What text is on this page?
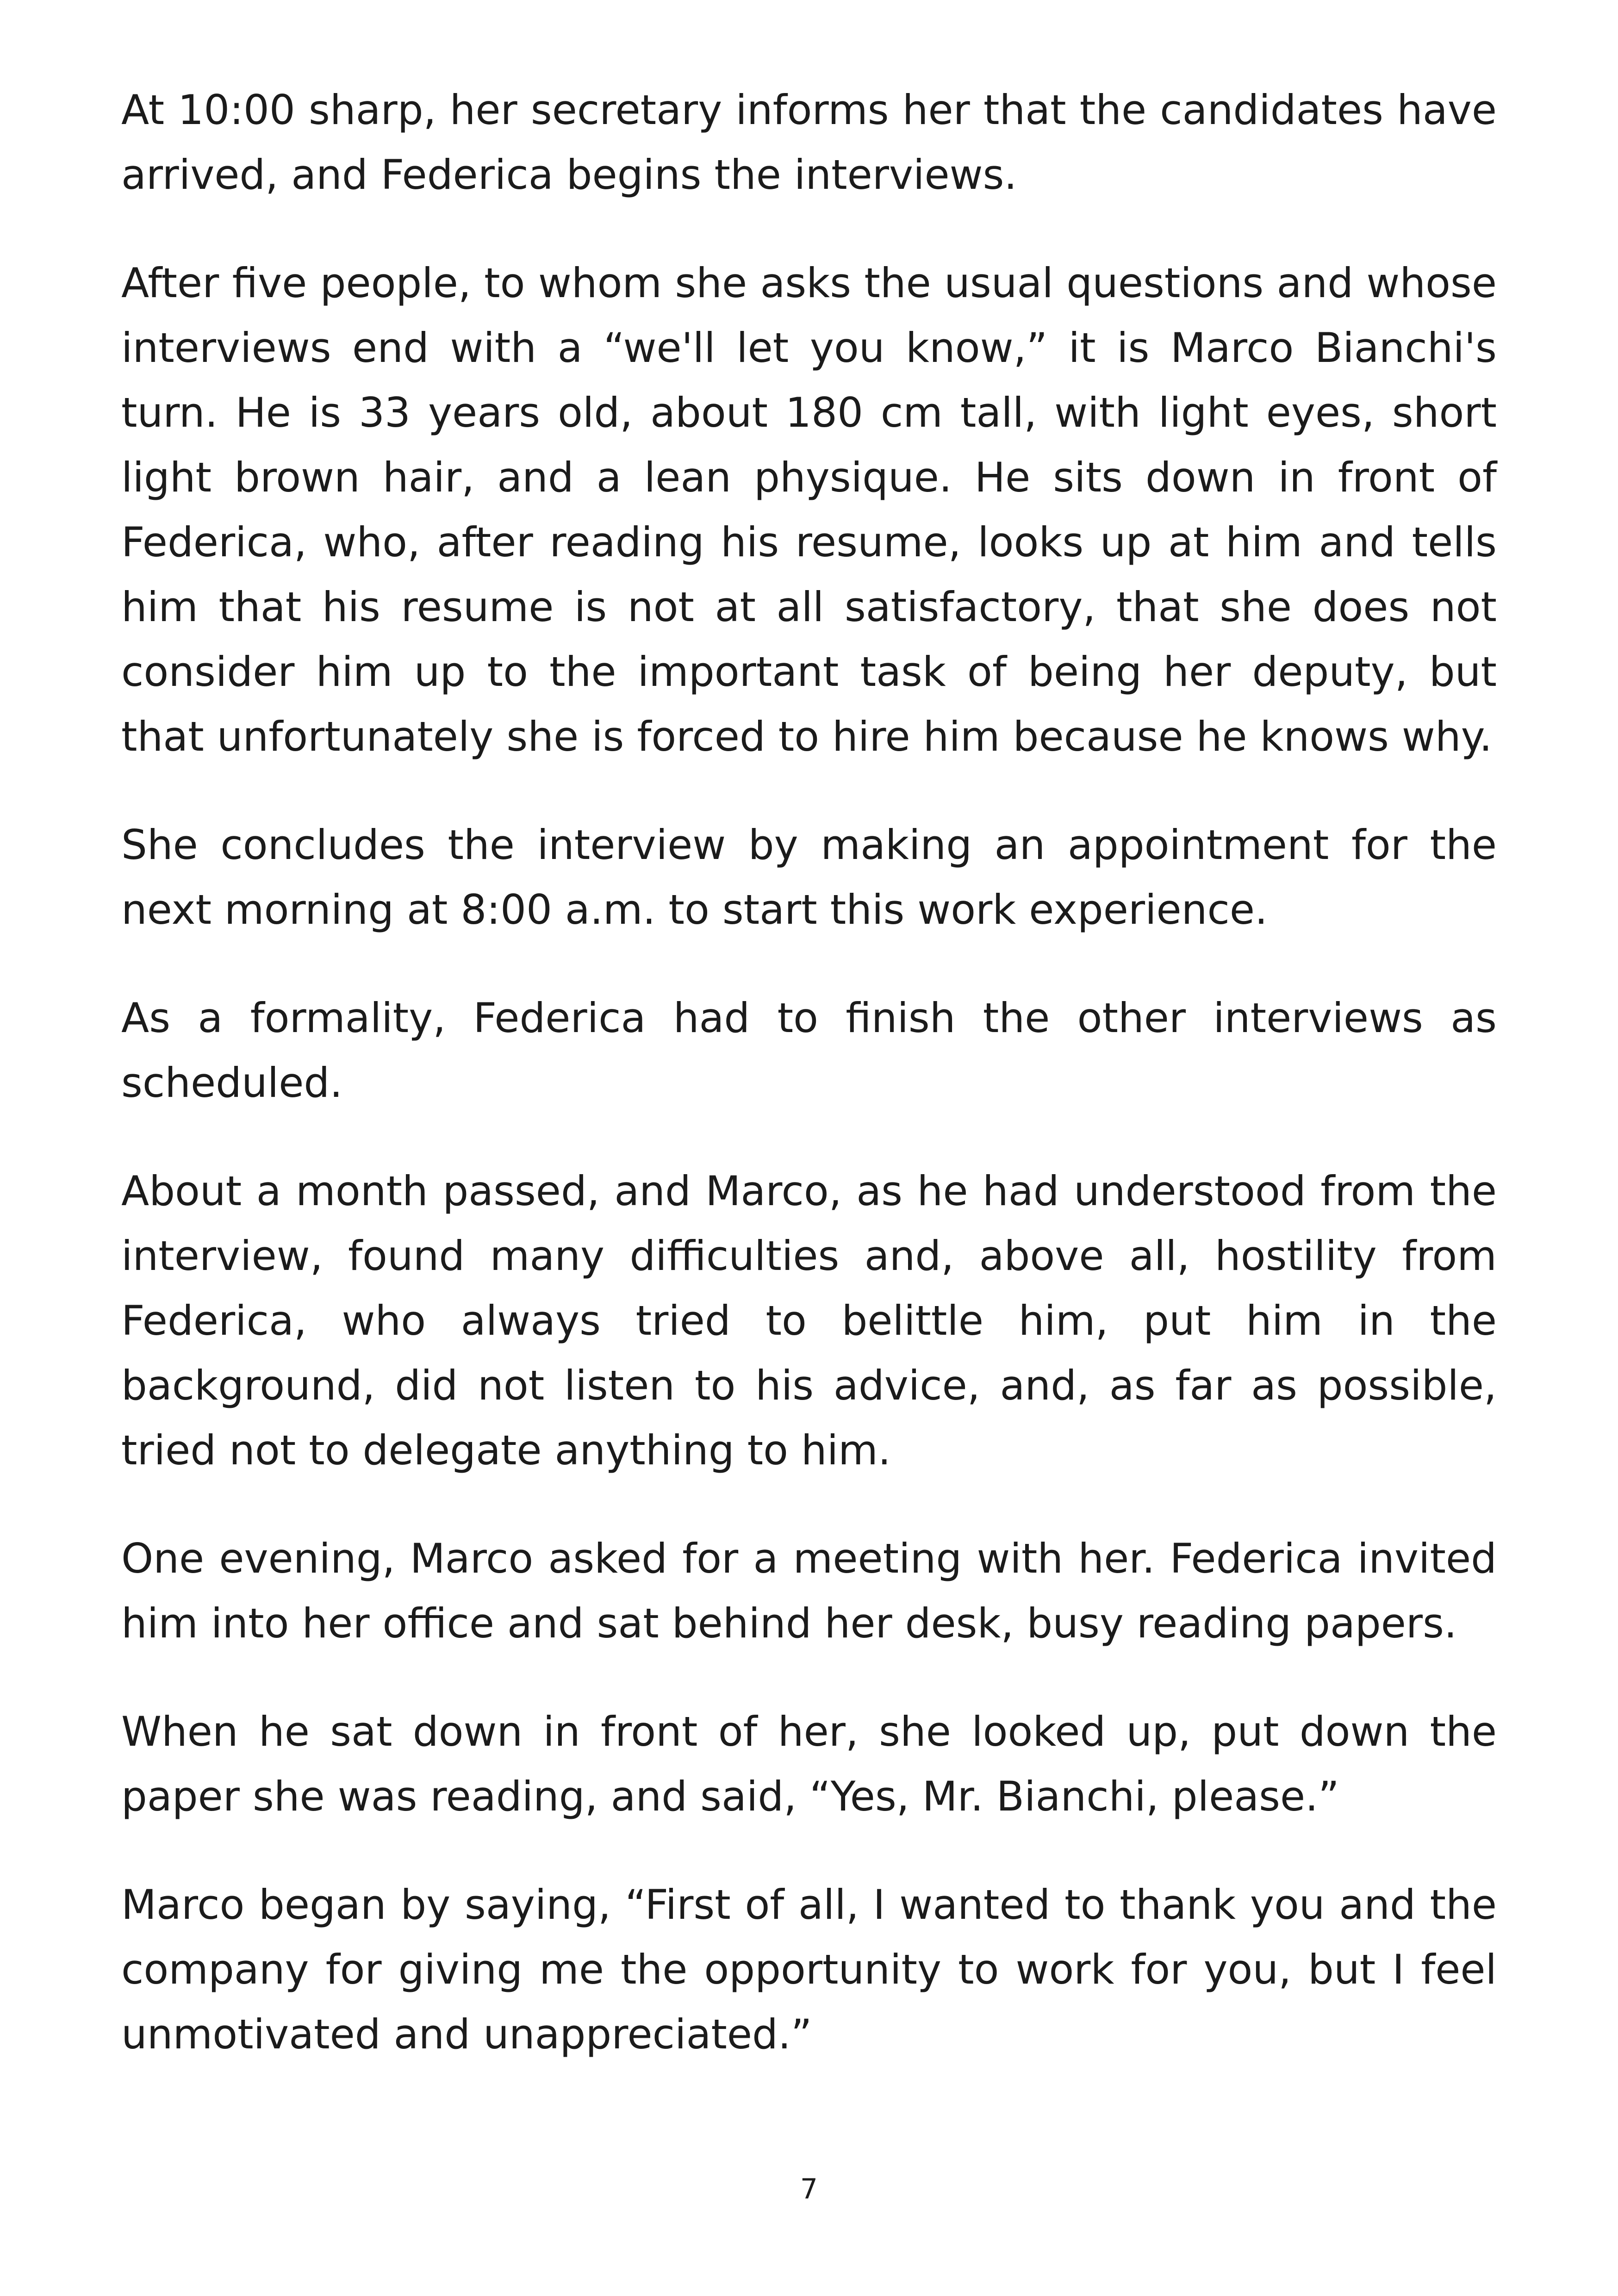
At 10:00 sharp, her secretary informs her that the candidates have arrived, and Federica begins the interviews.

After five people, to whom she asks the usual questions and whose interviews end with a “we'll let you know,” it is Marco Bianchi's turn. He is 33 years old, about 180 cm tall, with light eyes, short light brown hair, and a lean physique. He sits down in front of Federica, who, after reading his resume, looks up at him and tells him that his resume is not at all satisfactory, that she does not consider him up to the important task of being her deputy, but that unfortunately she is forced to hire him because he knows why.

She concludes the interview by making an appointment for the next morning at 8:00 a.m. to start this work experience.

As a formality, Federica had to finish the other interviews as scheduled.

About a month passed, and Marco, as he had understood from the interview, found many difficulties and, above all, hostility from Federica, who always tried to belittle him, put him in the background, did not listen to his advice, and, as far as possible, tried not to delegate anything to him.

One evening, Marco asked for a meeting with her. Federica invited him into her office and sat behind her desk, busy reading papers.

When he sat down in front of her, she looked up, put down the paper she was reading, and said, “Yes, Mr. Bianchi, please.”

Marco began by saying, “First of all, I wanted to thank you and the company for giving me the opportunity to work for you, but I feel unmotivated and unappreciated.”

7
